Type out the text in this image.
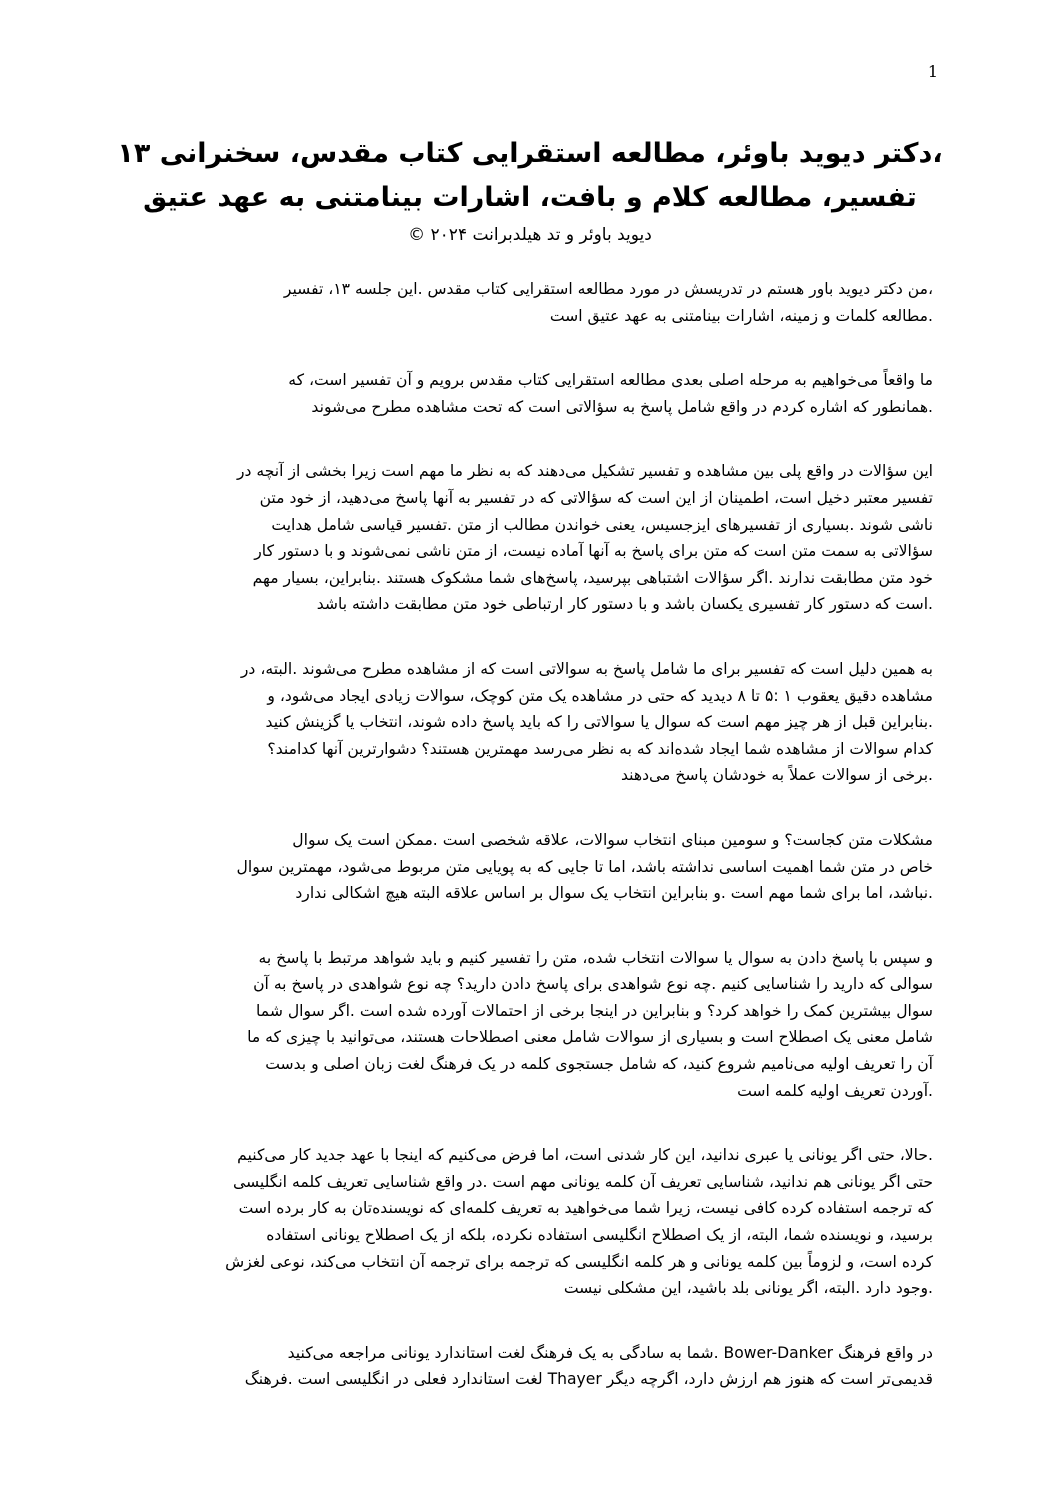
1
،دکتر دیوید باوئر، مطالعه استقرایی کتاب مقدس، سخنرانی ۱۳
تفسیر، مطالعه کلام و بافت، اشارات بینامتنی به عهد عتیق
دیوید باوئر و تد هیلدبرانت ۲۰۲۴ ©
،من دکتر دیوید باور هستم در تدریسش در مورد مطالعه استقرایی کتاب مقدس .این جلسه ۱۳، تفسیر
.مطالعه کلمات و زمینه، اشارات بینامتنی به عهد عتیق است
ما واقعاً می‌خواهیم به مرحله اصلی بعدی مطالعه استقرایی کتاب مقدس برویم و آن تفسیر است، که
.همانطور که اشاره کردم در واقع شامل پاسخ به سؤالاتی است که تحت مشاهده مطرح می‌شوند
این سؤالات در واقع پلی بین مشاهده و تفسیر تشکیل می‌دهند که به نظر ما مهم است زیرا بخشی از آنچه در
تفسیر معتبر دخیل است، اطمینان از این است که سؤالاتی که در تفسیر به آنها پاسخ می‌دهید، از خود متن
ناشی شوند .بسیاری از تفسیرهای ایزجسیس، یعنی خواندن مطالب از متن .تفسیر قیاسی شامل هدایت
سؤالاتی به سمت متن است که متن برای پاسخ به آنها آماده نیست، از متن ناشی نمی‌شوند و با دستور کار
خود متن مطابقت ندارند .اگر سؤالات اشتباهی بپرسید، پاسخ‌های شما مشکوک هستند .بنابراین، بسیار مهم
.است که دستور کار تفسیری یکسان باشد و با دستور کار ارتباطی خود متن مطابقت داشته باشد
به همین دلیل است که تفسیر برای ما شامل پاسخ به سوالاتی است که از مشاهده مطرح می‌شوند .البته، در
مشاهده دقیق یعقوب ۱ :۵ تا ۸ دیدید که حتی در مشاهده یک متن کوچک، سوالات زیادی ایجاد می‌شود، و
.بنابراین قبل از هر چیز مهم است که سوال یا سوالاتی را که باید پاسخ داده شوند، انتخاب یا گزینش کنید
کدام سوالات از مشاهده شما ایجاد شده‌اند که به نظر می‌رسد مهمترین هستند؟ دشوارترین آنها کدامند؟
.برخی از سوالات عملاً به خودشان پاسخ می‌دهند
مشکلات متن کجاست؟ و سومین مبنای انتخاب سوالات، علاقه شخصی است .ممکن است یک سوال
خاص در متن شما اهمیت اساسی نداشته باشد، اما تا جایی که به پویایی متن مربوط می‌شود، مهمترین سوال
.نباشد، اما برای شما مهم است .و بنابراین انتخاب یک سوال بر اساس علاقه البته هیچ اشکالی ندارد
و سپس با پاسخ دادن به سوال یا سوالات انتخاب شده، متن را تفسیر کنیم و باید شواهد مرتبط با پاسخ به
سوالی که دارید را شناسایی کنیم .چه نوع شواهدی برای پاسخ دادن دارید؟ چه نوع شواهدی در پاسخ به آن
سوال بیشترین کمک را خواهد کرد؟ و بنابراین در اینجا برخی از احتمالات آورده شده است .اگر سوال شما
شامل معنی یک اصطلاح است و بسیاری از سوالات شامل معنی اصطلاحات هستند، می‌توانید با چیزی که ما
آن را تعریف اولیه می‌نامیم شروع کنید، که شامل جستجوی کلمه در یک فرهنگ لغت زبان اصلی و بدست
.آوردن تعریف اولیه کلمه است
.حالا، حتی اگر یونانی یا عبری ندانید، این کار شدنی است، اما فرض می‌کنیم که اینجا با عهد جدید کار می‌کنیم
حتی اگر یونانی هم ندانید، شناسایی تعریف آن کلمه یونانی مهم است .در واقع شناسایی تعریف کلمه انگلیسی
که ترجمه استفاده کرده کافی نیست، زیرا شما می‌خواهید به تعریف کلمه‌ای که نویسنده‌تان به کار برده است
برسید، و نویسنده شما، البته، از یک اصطلاح انگلیسی استفاده نکرده، بلکه از یک اصطلاح یونانی استفاده
کرده است، و لزوماً بین کلمه یونانی و هر کلمه انگلیسی که ترجمه برای ترجمه آن انتخاب می‌کند، نوعی لغزش
.وجود دارد .البته، اگر یونانی بلد باشید، این مشکلی نیست
در واقع فرهنگ Bower-Danker .شما به سادگی به یک فرهنگ لغت استاندارد یونانی مراجعه می‌کنید
قدیمی‌تر است که هنوز هم ارزش دارد، اگرچه دیگر Thayer لغت استاندارد فعلی در انگلیسی است .فرهنگ
